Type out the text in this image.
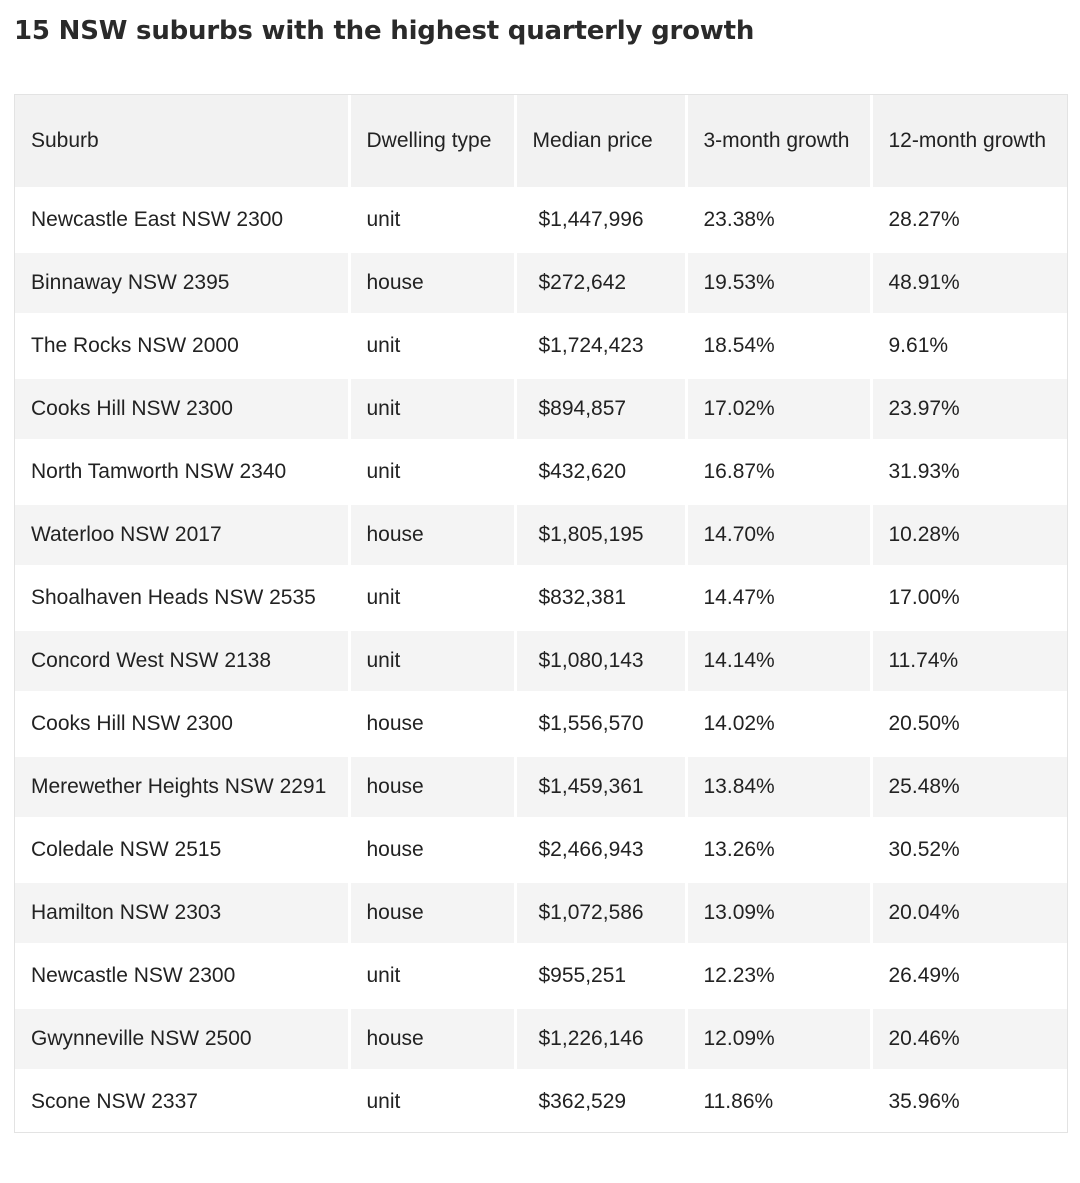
15 NSW suburbs with the highest quarterly growth
Suburb	Dwelling type	Median price	3-month growth	12-month growth
Newcastle East NSW 2300	unit	$1,447,996	23.38%	28.27%
Binnaway NSW 2395	house	$272,642	19.53%	48.91%
The Rocks NSW 2000	unit	$1,724,423	18.54%	9.61%
Cooks Hill NSW 2300	unit	$894,857	17.02%	23.97%
North Tamworth NSW 2340	unit	$432,620	16.87%	31.93%
Waterloo NSW 2017	house	$1,805,195	14.70%	10.28%
Shoalhaven Heads NSW 2535	unit	$832,381	14.47%	17.00%
Concord West NSW 2138	unit	$1,080,143	14.14%	11.74%
Cooks Hill NSW 2300	house	$1,556,570	14.02%	20.50%
Merewether Heights NSW 2291	house	$1,459,361	13.84%	25.48%
Coledale NSW 2515	house	$2,466,943	13.26%	30.52%
Hamilton NSW 2303	house	$1,072,586	13.09%	20.04%
Newcastle NSW 2300	unit	$955,251	12.23%	26.49%
Gwynneville NSW 2500	house	$1,226,146	12.09%	20.46%
Scone NSW 2337	unit	$362,529	11.86%	35.96%
